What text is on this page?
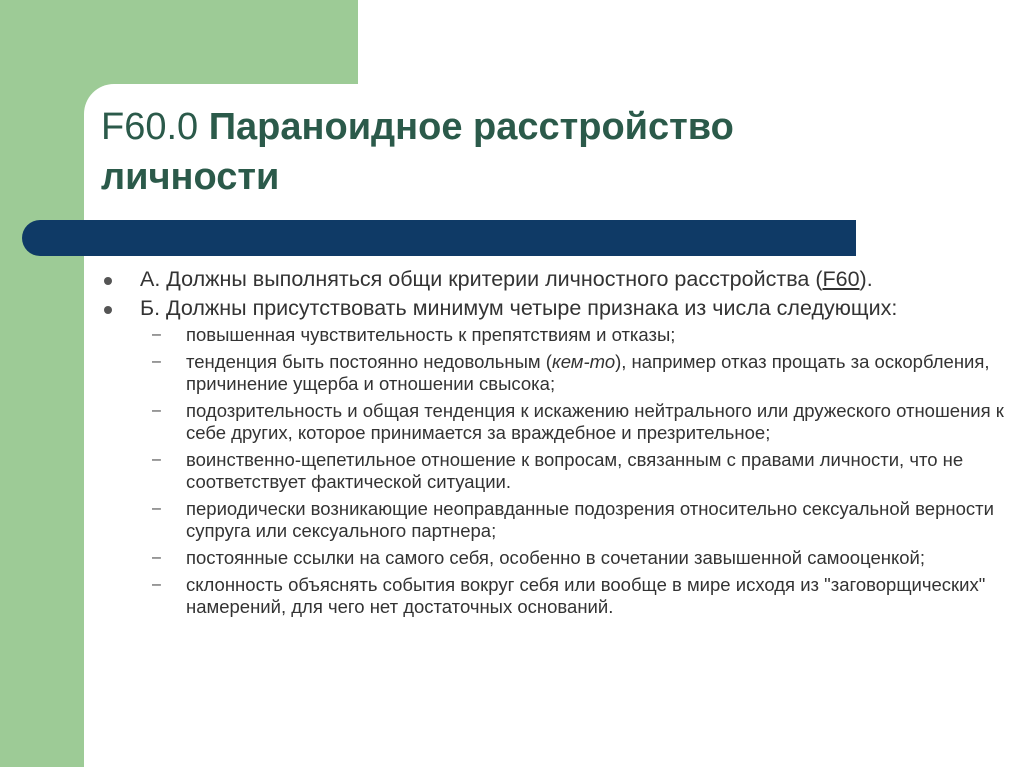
F60.0 Параноидное расстройство личности
А. Должны выполняться общи критерии личностного расстройства (F60).
Б. Должны присутствовать минимум четыре признака из числа следующих:
– повышенная чувствительность к препятствиям и отказы;
– тенденция быть постоянно недовольным (кем-то), например отказ прощать за оскорбления, причинение ущерба и отношении свысока;
– подозрительность и общая тенденция к искажению нейтрального или дружеского отношения к себе других, которое принимается за враждебное и презрительное;
– воинственно-щепетильное отношение к вопросам, связанным с правами личности, что не соответствует фактической ситуации.
– периодически возникающие неоправданные подозрения относительно сексуальной верности супруга или сексуального партнера;
– постоянные ссылки на самого себя, особенно в сочетании завышенной самооценкой;
– склонность объяснять события вокруг себя или вообще в мире исходя из "заговорщических" намерений, для чего нет достаточных оснований.
